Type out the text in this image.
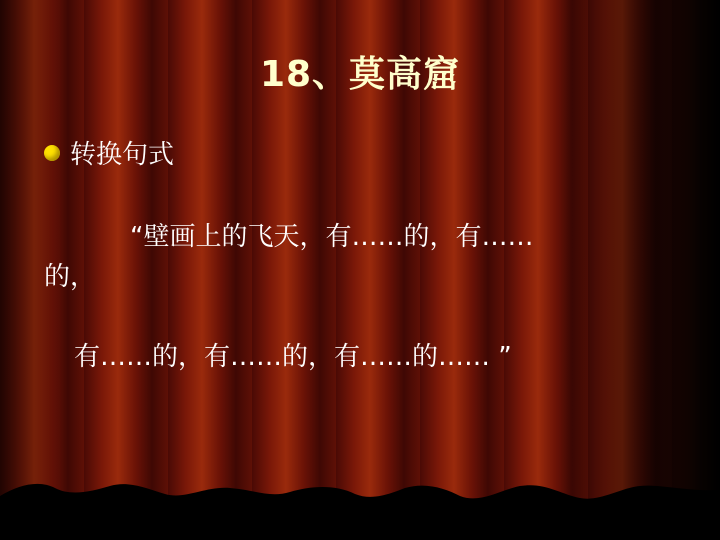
18、莫高窟
转换句式
“壁画上的飞天，有……的，有……
的，
有……的，有……的，有……的…… ”
